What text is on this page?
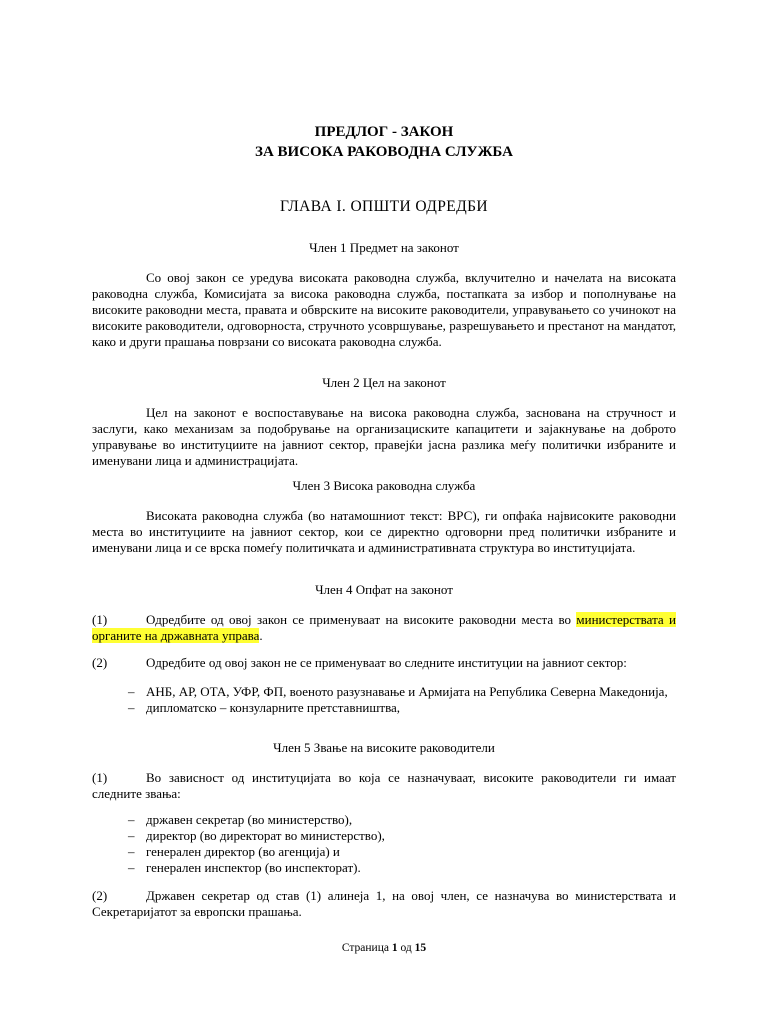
ПРЕДЛОГ - ЗАКОН
ЗА ВИСОКА РАКОВОДНА СЛУЖБА
ГЛАВА I. ОПШТИ ОДРЕДБИ
Член 1 Предмет на законот

Со овој закон се уредува високата раководна служба, вклучително и начелата на високата раководна служба, Комисијата за висока раководна служба, постапката за избор и пополнување на високите раководни места, правата и обврските на високите раководители, управувањето со учинокот на високите раководители, одговорноста, стручното усовршување, разрешувањето и престанот на мандатот, како и други прашања поврзани со високата раководна служба.

Член 2 Цел на законот

Цел на законот е воспоставување на висока раководна служба, заснована на стручност и заслуги, како механизам за подобрување на организациските капацитети и зајакнување на доброто управување во институциите на јавниот сектор, правејќи јасна разлика меѓу политички избраните и именувани лица и администрацијата.

Член 3 Висока раководна служба

Високата раководна служба (во натамошниот текст: ВРС), ги опфаќа највисоките раководни места во институциите на јавниот сектор, кои се директно одговорни пред политички избраните и именувани лица и се врска помеѓу политичката и административната структура во институцијата.

Член 4 Опфат на законот
(1)	Одредбите од овој закон се применуваат на високите раководни места во министерствата и органите на државната управа.

(2)	Одредбите од овој закон не се применуваат во следните институции на јавниот сектор:

– АНБ, АР, ОТА, УФР, ФП, военото разузнавање и Армијата на Република Северна Македонија,
– дипломатско – конзуларните претставништва,
Член 5 Звање на високите раководители
(1)	Во зависност од институцијата во која се назначуваат, високите раководители ги имаат следните звања:

– државен секретар (во министерство),
– директор (во директорат во министерство),
– генерален директор (во агенција) и
– генерален инспектор (во инспекторат).
(2)	Државен секретар од став (1) алинеја 1, на овој член, се назначува во министерствата и Секретаријатот за европски прашања.

Страница 1 од 15
